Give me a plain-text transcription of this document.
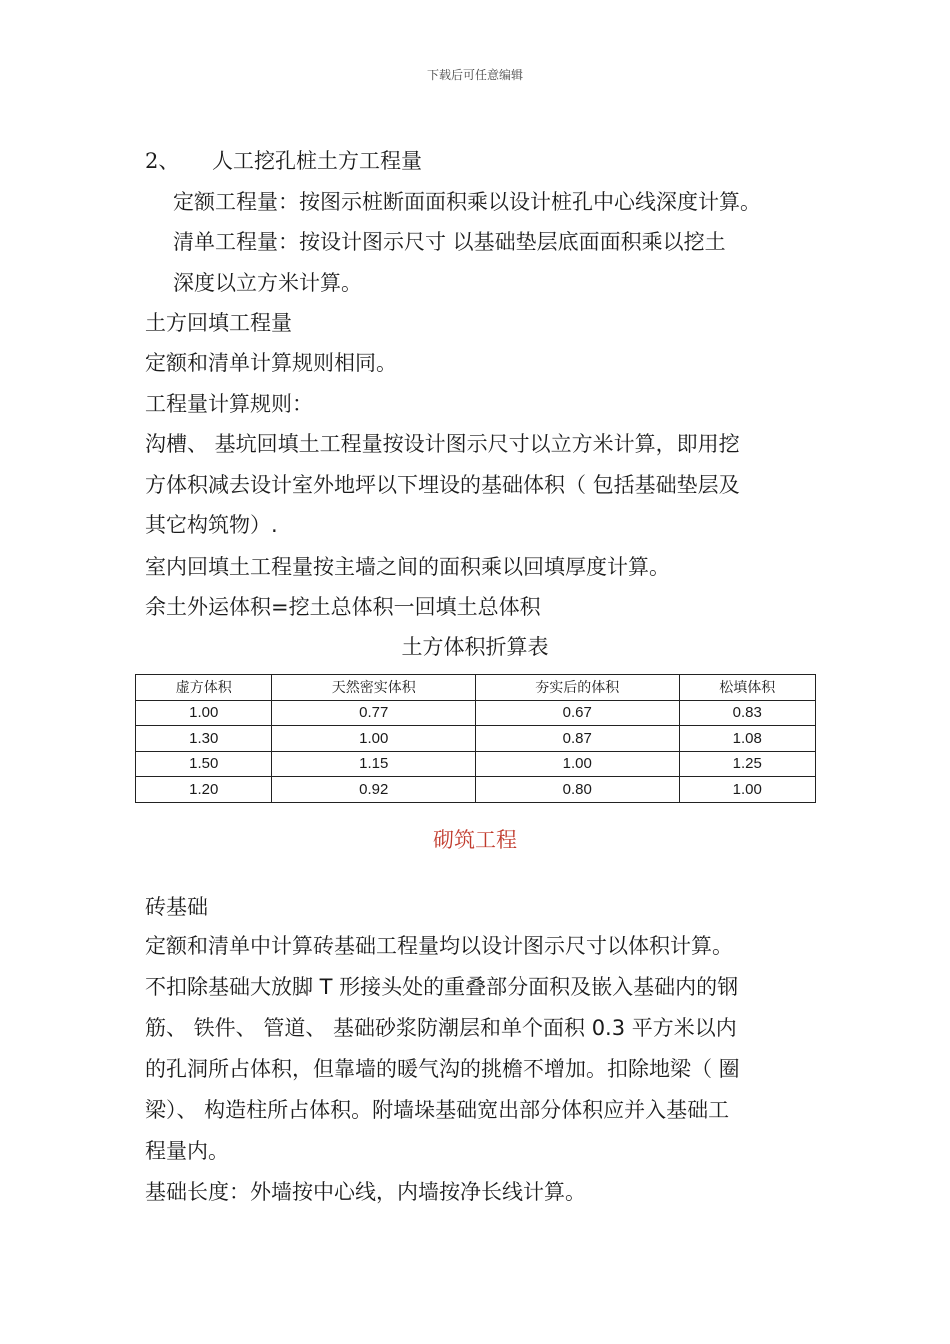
下载后可任意编辑
2、 人工挖孔桩土方工程量
定额工程量：按图示桩断面面积乘以设计桩孔中心线深度计算。
清单工程量：按设计图示尺寸 以基础垫层底面面积乘以挖土
深度以立方米计算。
土方回填工程量
定额和清单计算规则相同。
工程量计算规则：
沟槽、 基坑回填土工程量按设计图示尺寸以立方米计算，即用挖
方体积减去设计室外地坪以下埋设的基础体积（ 包括基础垫层及
其它构筑物）.
室内回填土工程量按主墙之间的面积乘以回填厚度计算。
余土外运体积=挖土总体积一回填土总体积
土方体积折算表
虚方体积	天然密实体积	夯实后的体积	松填体积
1.00	0.77	0.67	0.83
1.30	1.00	0.87	1.08
1.50	1.15	1.00	1.25
1.20	0.92	0.80	1.00
砌筑工程
砖基础
定额和清单中计算砖基础工程量均以设计图示尺寸以体积计算。
不扣除基础大放脚 T 形接头处的重叠部分面积及嵌入基础内的钢
筋、 铁件、 管道、 基础砂浆防潮层和单个面积 0.3 平方米以内
的孔洞所占体积，但靠墙的暖气沟的挑檐不增加。扣除地梁（ 圈
梁）、 构造柱所占体积。附墙垛基础宽出部分体积应并入基础工
程量内。
基础长度：外墙按中心线，内墙按净长线计算。
